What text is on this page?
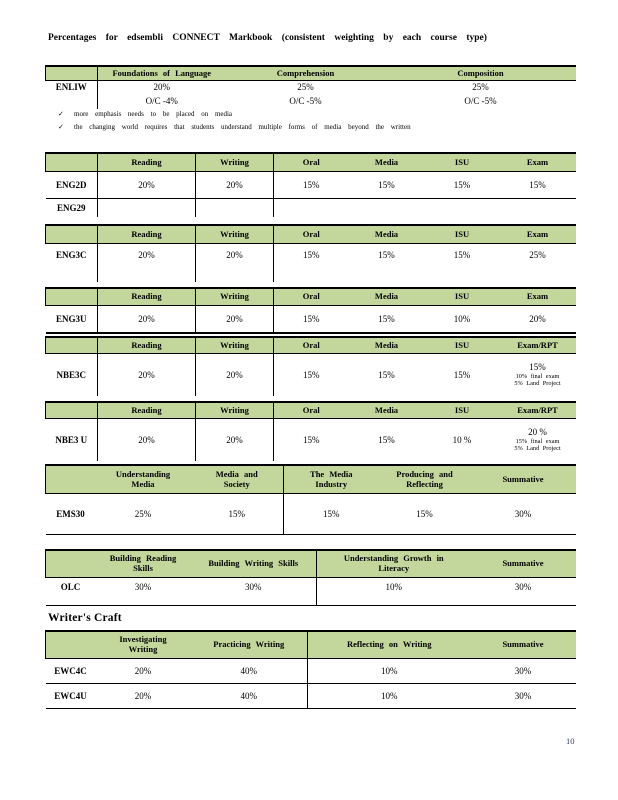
Percentages for edsembli CONNECT Markbook (consistent weighting by each course type)
	Foundations of Language	Comprehension	Composition
ENLIW	20%	25%	25%
	O/C -4%	O/C -5%	O/C -5%
✓ more emphasis needs to be placed on media
✓ the changing world requires that students understand multiple forms of media beyond the written
	Reading	Writing	Oral	Media	ISU	Exam
ENG2D	20%	20%	15%	15%	15%	15%
ENG29						
	Reading	Writing	Oral	Media	ISU	Exam
ENG3C	20%	20%	15%	15%	15%	25%
	Reading	Writing	Oral	Media	ISU	Exam
ENG3U	20%	20%	15%	15%	10%	20%
	Reading	Writing	Oral	Media	ISU	Exam/RPT
NBE3C	20%	20%	15%	15%	15%	15%
10% final exam
5% Land Project
	Reading	Writing	Oral	Media	ISU	Exam/RPT
NBE3 U	20%	20%	15%	15%	10 %	20 %
15% final exam
5% Land Project
	Understanding Media	Media and Society	The Media Industry	Producing and Reflecting	Summative
EMS30	25%	15%	15%	15%	30%
	Building Reading Skills	Building Writing Skills	Understanding Growth in Literacy	Summative
OLC	30%	30%	10%	30%
Writer's Craft
	Investigating Writing	Practicing Writing	Reflecting on Writing	Summative
EWC4C	20%	40%	10%	30%
EWC4U	20%	40%	10%	30%
10
